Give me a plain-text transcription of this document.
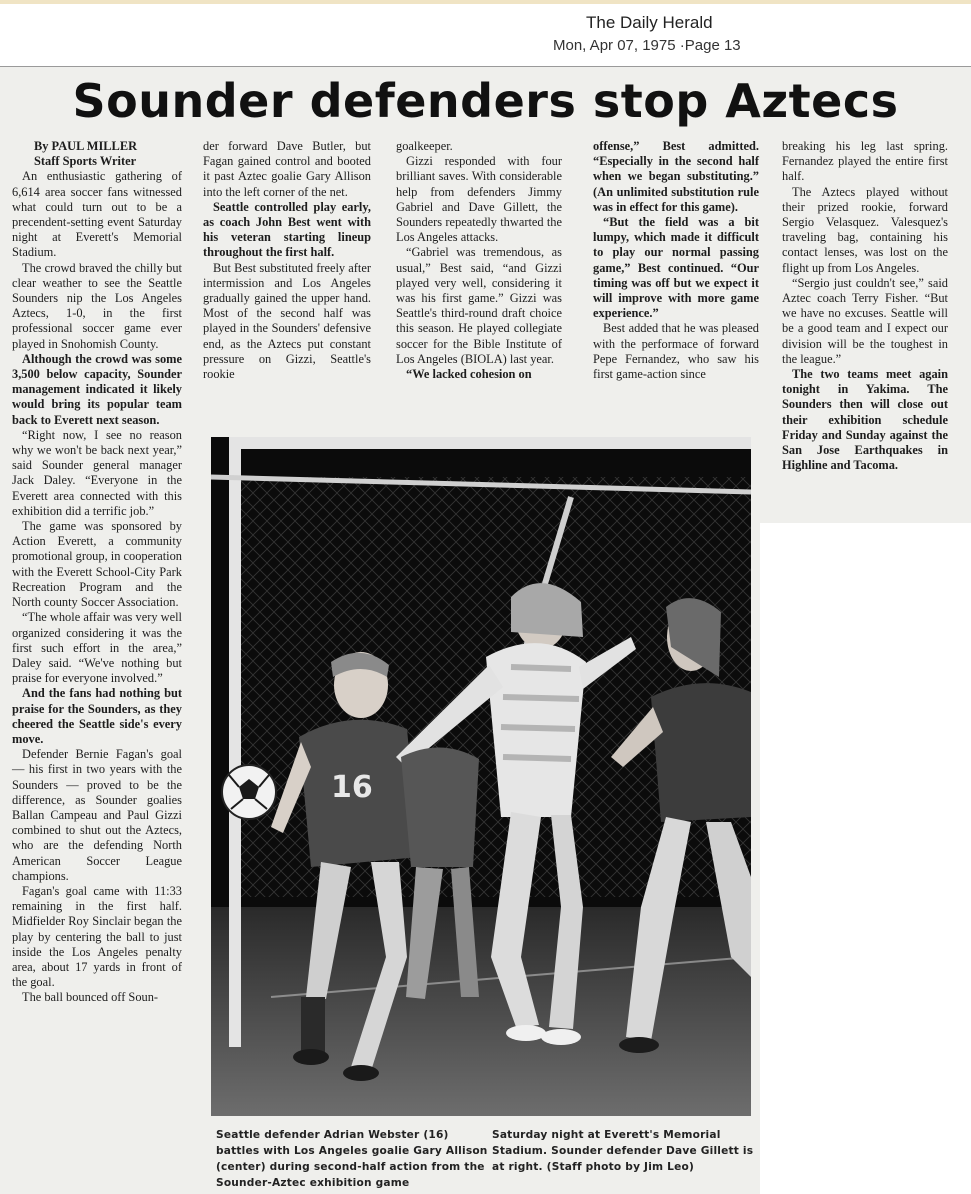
The Daily Herald
Mon, Apr 07, 1975 ·Page 13
Sounder defenders stop Aztecs

By PAUL MILLER

Staff Sports Writer

An enthusiastic gathering of 6,614 area soccer fans witnessed what could turn out to be a precendent-setting event Saturday night at Everett's Memorial Stadium.

The crowd braved the chilly but clear weather to see the Seattle Sounders nip the Los Angeles Aztecs, 1-0, in the first professional soccer game ever played in Snohomish County.

Although the crowd was some 3,500 below capacity, Sounder management indicated it likely would bring its popular team back to Everett next season.

“Right now, I see no reason why we won't be back next year,” said Sounder general manager Jack Daley. “Everyone in the Everett area connected with this exhibition did a terrific job.”

The game was sponsored by Action Everett, a community promotional group, in cooperation with the Everett School-City Park Recreation Program and the North county Soccer Association.

“The whole affair was very well organized considering it was the first such effort in the area,” Daley said. “We've nothing but praise for everyone involved.”

And the fans had nothing but praise for the Sounders, as they cheered the Seattle side's every move.

Defender Bernie Fagan's goal — his first in two years with the Sounders — proved to be the difference, as Sounder goalies Ballan Campeau and Paul Gizzi combined to shut out the Aztecs, who are the defending North American Soccer League champions.

Fagan's goal came with 11:33 remaining in the first half. Midfielder Roy Sinclair began the play by centering the ball to just inside the Los Angeles penalty area, about 17 yards in front of the goal.

The ball bounced off Soun-

der forward Dave Butler, but Fagan gained control and booted it past Aztec goalie Gary Allison into the left corner of the net.

Seattle controlled play early, as coach John Best went with his veteran starting lineup throughout the first half.

But Best substituted freely after intermission and Los Angeles gradually gained the upper hand. Most of the second half was played in the Sounders' defensive end, as the Aztecs put constant pressure on Gizzi, Seattle's rookie

goalkeeper.

Gizzi responded with four brilliant saves. With considerable help from defenders Jimmy Gabriel and Dave Gillett, the Sounders repeatedly thwarted the Los Angeles attacks.

“Gabriel was tremendous, as usual,” Best said, “and Gizzi played very well, considering it was his first game.” Gizzi was Seattle's third-round draft choice this season. He played collegiate soccer for the Bible Institute of Los Angeles (BIOLA) last year.

“We lacked cohesion on

offense,” Best admitted. “Especially in the second half when we began substituting.” (An unlimited substitution rule was in effect for this game).

“But the field was a bit lumpy, which made it difficult to play our normal passing game,” Best continued. “Our timing was off but we expect it will improve with more game experience.”

Best added that he was pleased with the performace of forward Pepe Fernandez, who saw his first game-action since

breaking his leg last spring. Fernandez played the entire first half.

The Aztecs played without their prized rookie, forward Sergio Velasquez. Valesquez's traveling bag, containing his contact lenses, was lost on the flight up from Los Angeles.

“Sergio just couldn't see,” said Aztec coach Terry Fisher. “But we have no excuses. Seattle will be a good team and I expect our division will be the toughest in the league.”

The two teams meet again tonight in Yakima. The Sounders then will close out their exhibition schedule Friday and Sunday against the San Jose Earthquakes in Highline and Tacoma.

16
Seattle defender Adrian Webster (16) battles with Los Angeles goalie Gary Allison (center) during second-half action from the Sounder-Aztec exhibition game
Saturday night at Everett's Memorial Stadium. Sounder defender Dave Gillett is at right. (Staff photo by Jim Leo)
